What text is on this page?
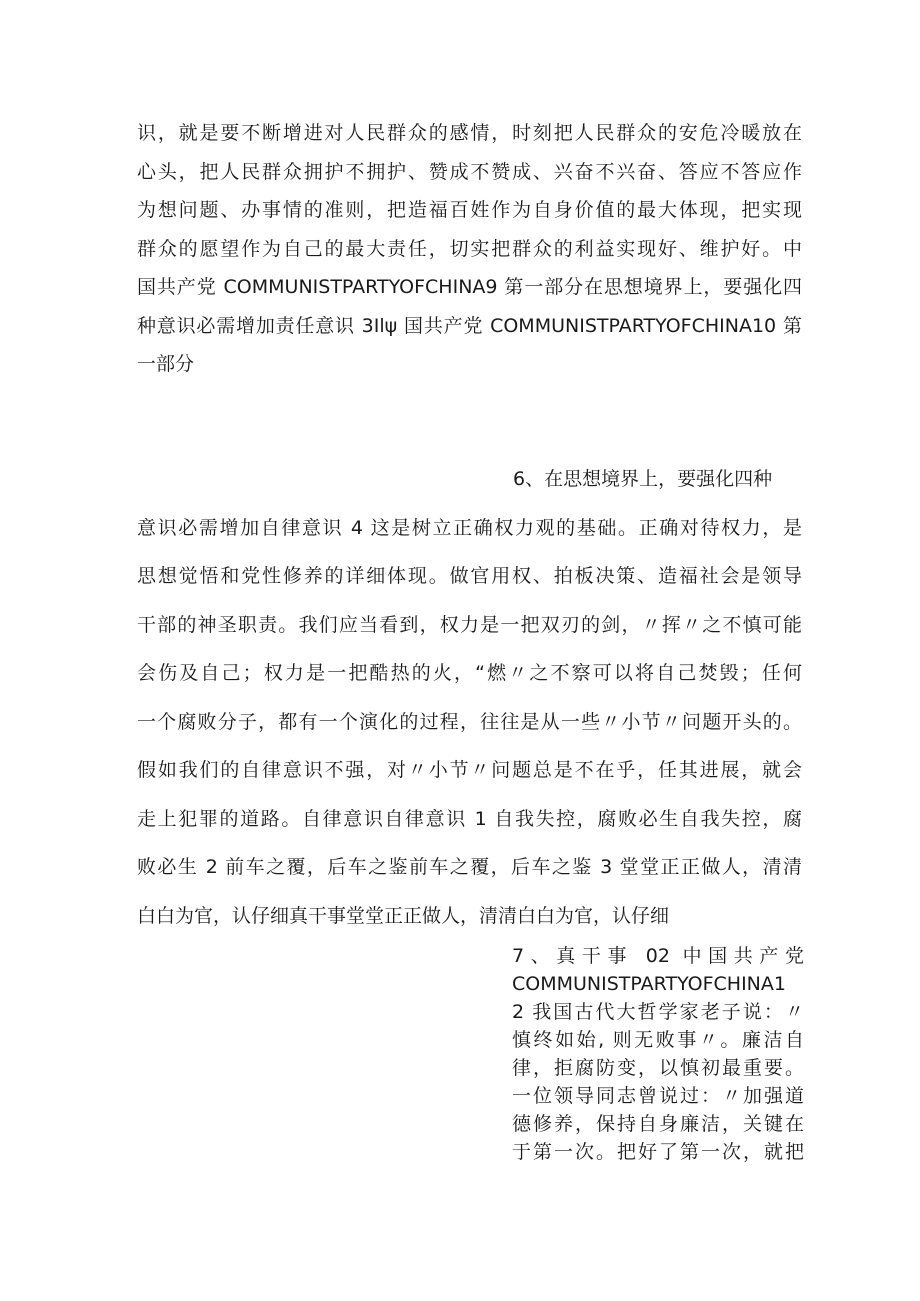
识，就是要不断增进对人民群众的感情，时刻把人民群众的安危冷暖放在
心头，把人民群众拥护不拥护、赞成不赞成、兴奋不兴奋、答应不答应作
为想问题、办事情的准则，把造福百姓作为自身价值的最大体现，把实现
群众的愿望作为自己的最大责任，切实把群众的利益实现好、维护好。中
国共产党 COMMUNISTPARTYOFCHINA9 第一部分在思想境界上，要强化四
种意识必需增加责任意识 3Ilψ 国共产党 COMMUNISTPARTYOFCHINA10 第
一部分
6、在思想境界上，要强化四种
意识必需增加自律意识 4 这是树立正确权力观的基础。正确对待权力，是
思想觉悟和党性修养的详细体现。做官用权、拍板决策、造福社会是领导
干部的神圣职责。我们应当看到，权力是一把双刃的剑，〃挥〃之不慎可能
会伤及自己；权力是一把酷热的火，“燃〃之不察可以将自己焚毁；任何
一个腐败分子，都有一个演化的过程，往往是从一些〃小节〃问题开头的。
假如我们的自律意识不强，对〃小节〃问题总是不在乎，任其进展，就会
走上犯罪的道路。自律意识自律意识 1 自我失控，腐败必生自我失控，腐
败必生 2 前车之覆，后车之鉴前车之覆，后车之鉴 3 堂堂正正做人，清清
白白为官，认仔细真干事堂堂正正做人，清清白白为官，认仔细
7、真干事 02 中国共产党
COMMUNISTPARTYOFCHINA1
2 我国古代大哲学家老子说：〃
慎终如始, 则无败事〃。廉洁自
律，拒腐防变，以慎初最重要。
一位领导同志曾说过：〃加强道
德修养，保持自身廉洁，关键在
于第一次。把好了第一次，就把
